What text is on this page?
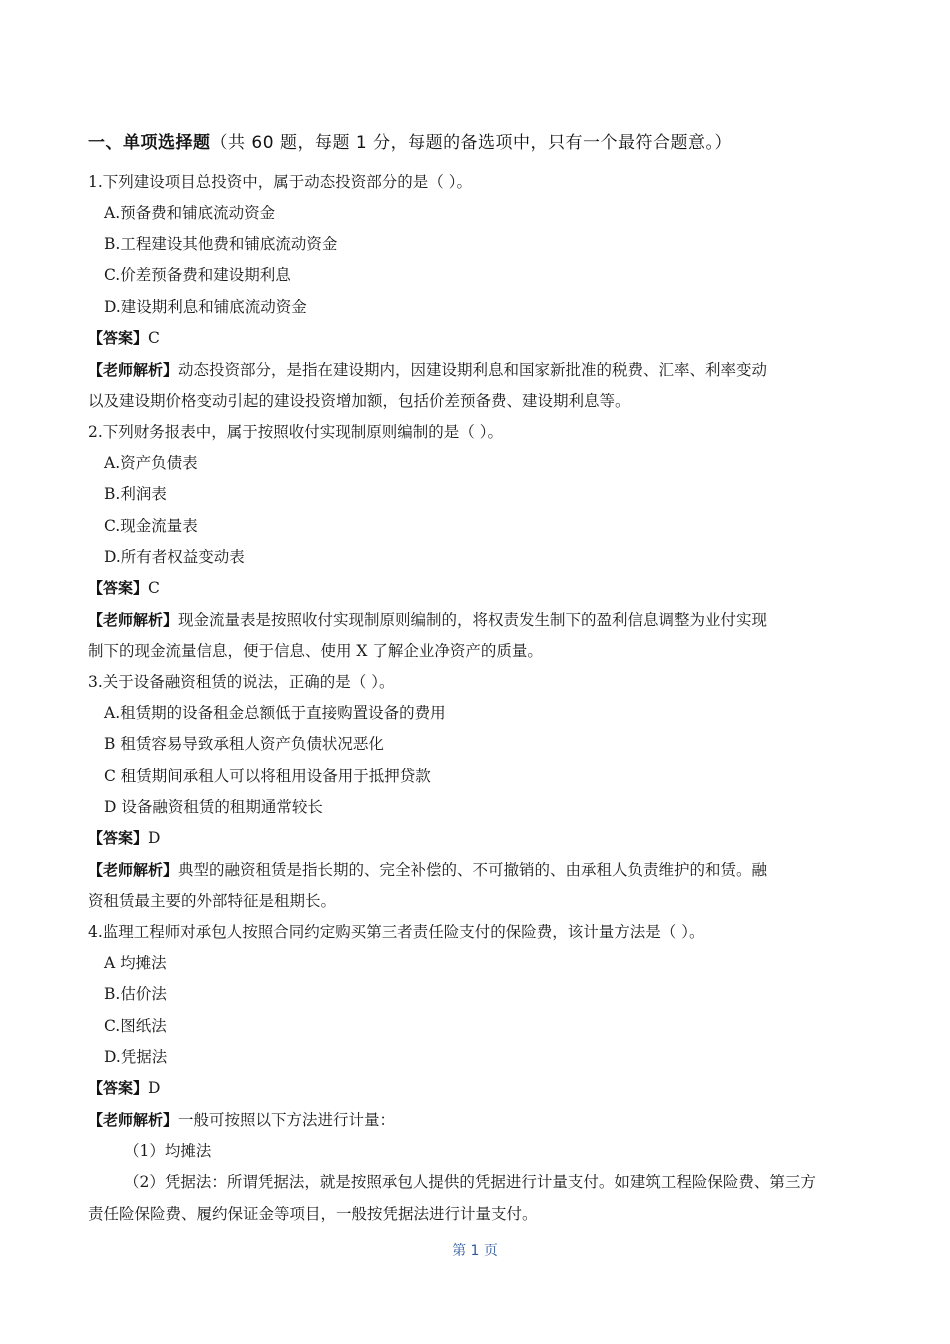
一、单项选择题（共 60 题，每题 1 分，每题的备选项中，只有一个最符合题意。）
1.下列建设项目总投资中，属于动态投资部分的是（ ）。
A.预备费和铺底流动资金
B.工程建设其他费和铺底流动资金
C.价差预备费和建设期利息
D.建设期利息和铺底流动资金
【答案】C
【老师解析】动态投资部分，是指在建设期内，因建设期利息和国家新批准的税费、汇率、利率变动
以及建设期价格变动引起的建设投资增加额，包括价差预备费、建设期利息等。
2.下列财务报表中，属于按照收付实现制原则编制的是（ ）。
A.资产负债表
B.利润表
C.现金流量表
D.所有者权益变动表
【答案】C
【老师解析】现金流量表是按照收付实现制原则编制的，将权责发生制下的盈利信息调整为业付实现
制下的现金流量信息，便于信息、使用 X 了解企业净资产的质量。
3.关于设备融资租赁的说法，正确的是（ ）。
A.租赁期的设备租金总额低于直接购置设备的费用
B 租赁容易导致承租人资产负债状况恶化
C 租赁期间承租人可以将租用设备用于抵押贷款
D 设备融资租赁的租期通常较长
【答案】D
【老师解析】典型的融资租赁是指长期的、完全补偿的、不可撤销的、由承租人负责维护的和赁。融
资租赁最主要的外部特征是租期长。
4.监理工程师对承包人按照合同约定购买第三者责任险支付的保险费，该计量方法是（ ）。
A 均摊法
B.估价法
C.图纸法
D.凭据法
【答案】D
【老师解析】一般可按照以下方法进行计量：
（1）均摊法
（2）凭据法：所谓凭据法，就是按照承包人提供的凭据进行计量支付。如建筑工程险保险费、第三方
责任险保险费、履约保证金等项目，一般按凭据法进行计量支付。
第 1 页
